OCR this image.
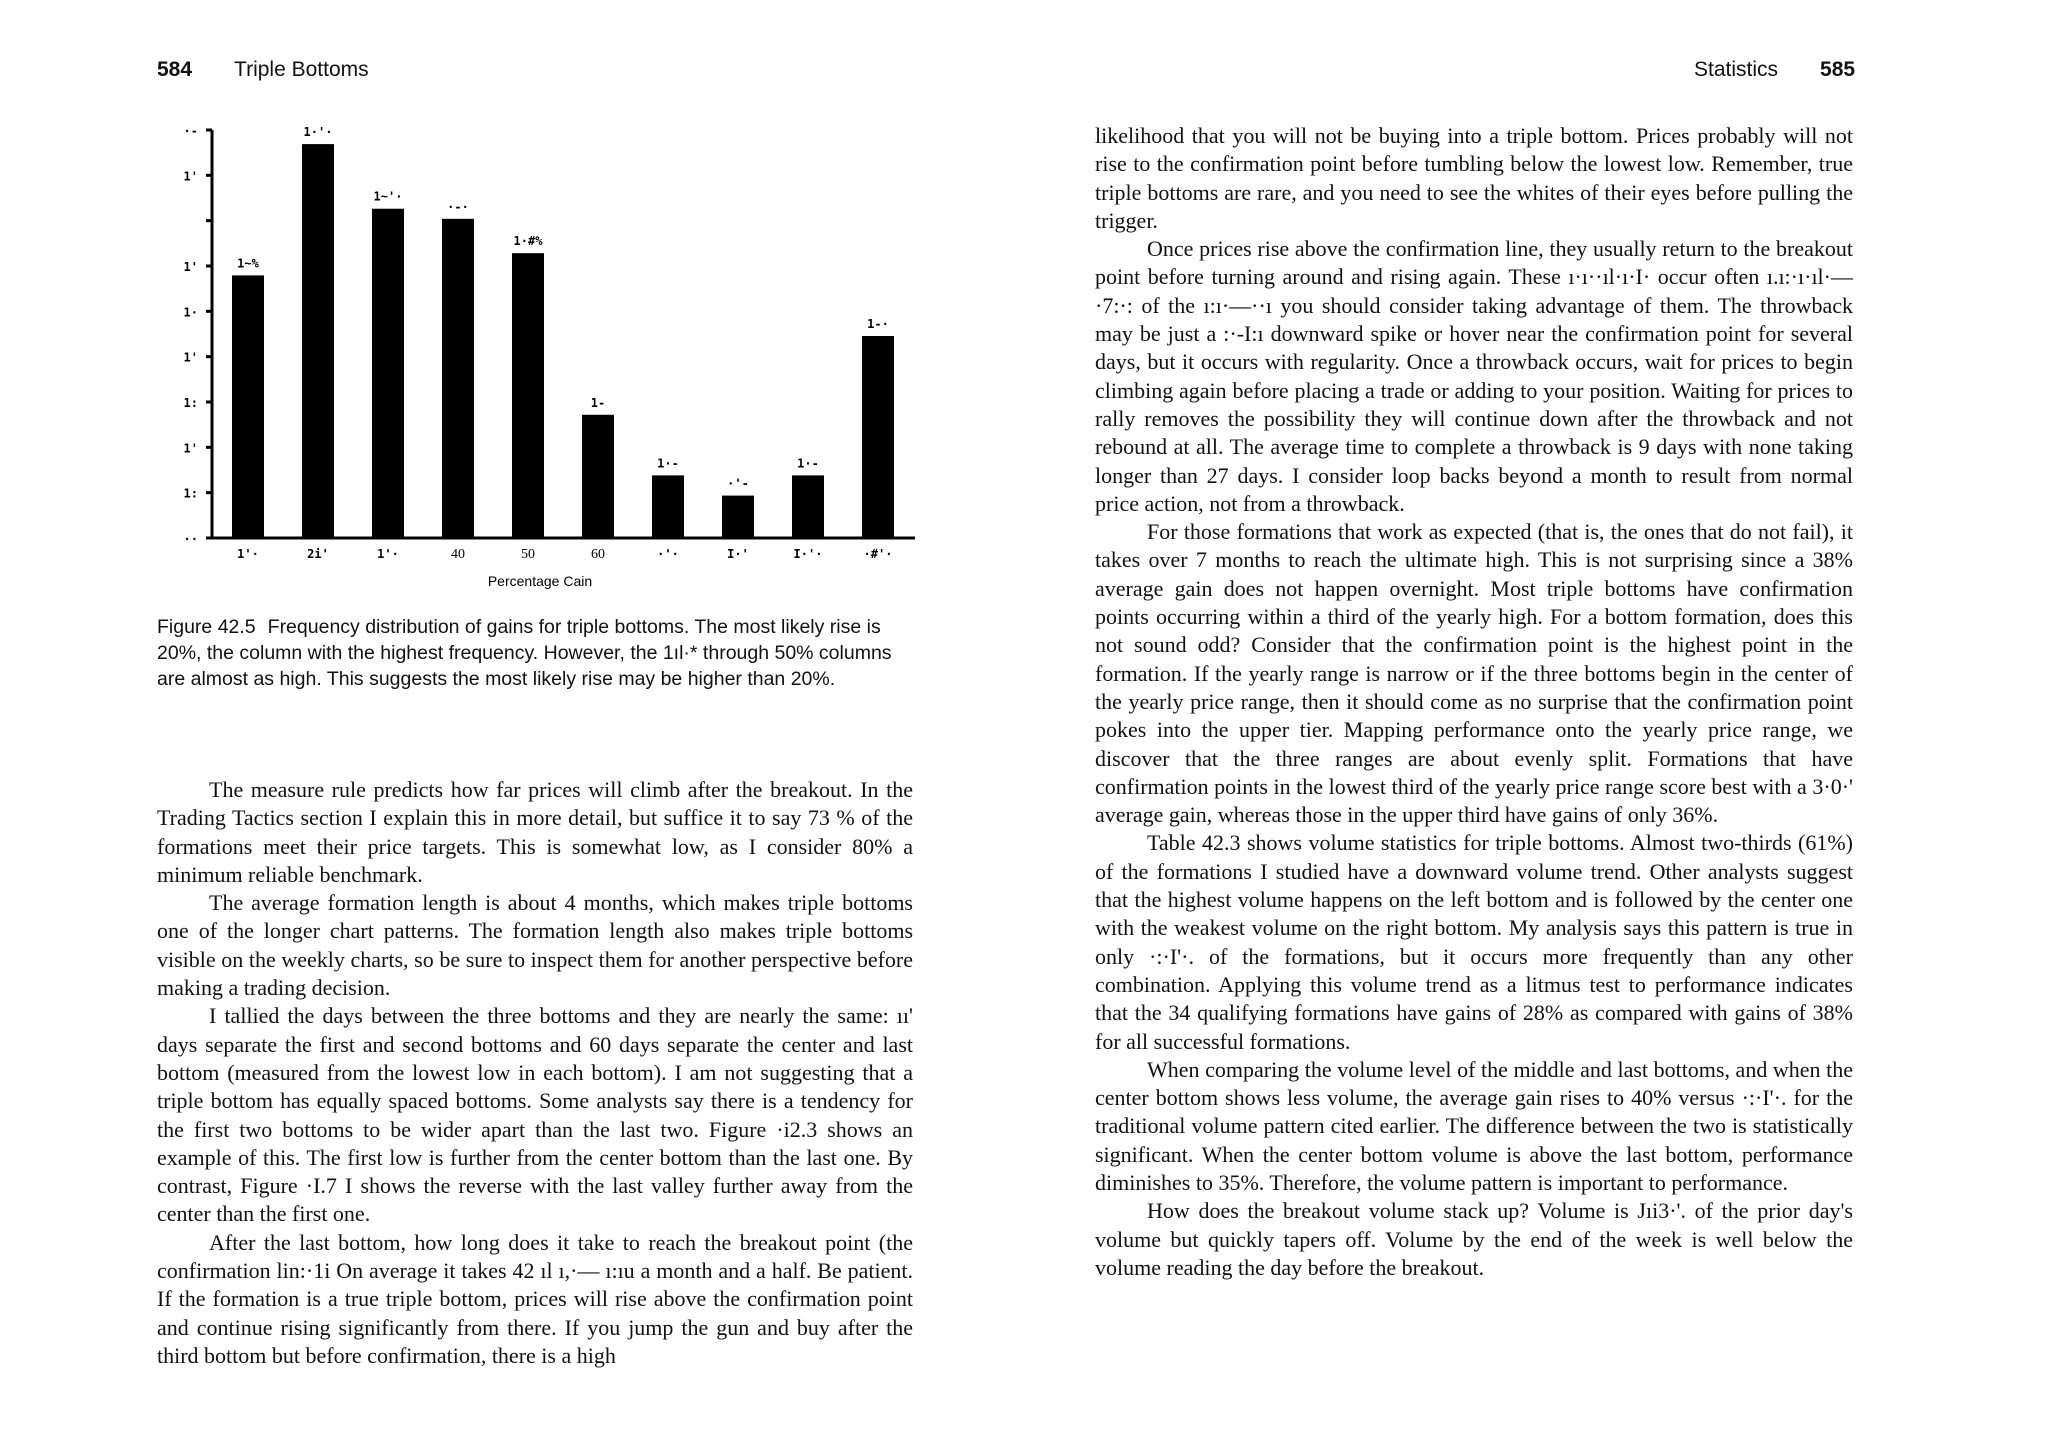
584 Triple Bottoms	Statistics 585
·-
1'
1'
1·
1'
1:
1'
1:
··
1~%
1'·
1·'·
2i'
1~'·
1'·
·-·
40
1·#%
50
1-
60
1·-
·'·
·'-
I·'
1·-
I·'·
1-·
·#'·
Percentage Cain
Figure 42.5 Frequency distribution of gains for triple bottoms. The most likely rise is 20%, the column with the highest frequency. However, the 1ıl·* through 50% columns are almost as high. This suggests the most likely rise may be higher than 20%.

The measure rule predicts how far prices will climb after the breakout. In the Trading Tactics section I explain this in more detail, but suffice it to say 73 % of the formations meet their price targets. This is somewhat low, as I consider 80% a minimum reliable benchmark.

The average formation length is about 4 months, which makes triple bottoms one of the longer chart patterns. The formation length also makes triple bottoms visible on the weekly charts, so be sure to inspect them for another perspective before making a trading decision.

I tallied the days between the three bottoms and they are nearly the same: ıı' days separate the first and second bottoms and 60 days separate the center and last bottom (measured from the lowest low in each bottom). I am not suggesting that a triple bottom has equally spaced bottoms. Some analysts say there is a tendency for the first two bottoms to be wider apart than the last two. Figure ·i2.3 shows an example of this. The first low is further from the center bottom than the last one. By contrast, Figure ·I.7 I shows the reverse with the last valley further away from the center than the first one.

After the last bottom, how long does it take to reach the breakout point (the confirmation lin:·1i On average it takes 42 ıl ı,·— ı:ıu a month and a half. Be patient. If the formation is a true triple bottom, prices will rise above the confirmation point and continue rising significantly from there. If you jump the gun and buy after the third bottom but before confirmation, there is a high

likelihood that you will not be buying into a triple bottom. Prices probably will not rise to the confirmation point before tumbling below the lowest low. Remember, true triple bottoms are rare, and you need to see the whites of their eyes before pulling the trigger.

Once prices rise above the confirmation line, they usually return to the breakout point before turning around and rising again. These ı·ı··ıl·ı·I· occur often ı.ı:·ı·ıl·—·7:·: of the ı:ı·—··ı you should consider taking advantage of them. The throwback may be just a :·-I:ı downward spike or hover near the confirmation point for several days, but it occurs with regularity. Once a throwback occurs, wait for prices to begin climbing again before placing a trade or adding to your position. Waiting for prices to rally removes the possibility they will continue down after the throwback and not rebound at all. The average time to complete a throwback is 9 days with none taking longer than 27 days. I consider loop backs beyond a month to result from normal price action, not from a throwback.

For those formations that work as expected (that is, the ones that do not fail), it takes over 7 months to reach the ultimate high. This is not surprising since a 38% average gain does not happen overnight. Most triple bottoms have confirmation points occurring within a third of the yearly high. For a bottom formation, does this not sound odd? Consider that the confirmation point is the highest point in the formation. If the yearly range is narrow or if the three bottoms begin in the center of the yearly price range, then it should come as no surprise that the confirmation point pokes into the upper tier. Mapping performance onto the yearly price range, we discover that the three ranges are about evenly split. Formations that have confirmation points in the lowest third of the yearly price range score best with a 3·0·' average gain, whereas those in the upper third have gains of only 36%.

Table 42.3 shows volume statistics for triple bottoms. Almost two-thirds (61%) of the formations I studied have a downward volume trend. Other analysts suggest that the highest volume happens on the left bottom and is followed by the center one with the weakest volume on the right bottom. My analysis says this pattern is true in only ·:·I'·. of the formations, but it occurs more frequently than any other combination. Applying this volume trend as a litmus test to performance indicates that the 34 qualifying formations have gains of 28% as compared with gains of 38% for all successful formations.

When comparing the volume level of the middle and last bottoms, and when the center bottom shows less volume, the average gain rises to 40% versus ·:·I'·. for the traditional volume pattern cited earlier. The difference between the two is statistically significant. When the center bottom volume is above the last bottom, performance diminishes to 35%. Therefore, the volume pattern is important to performance.

How does the breakout volume stack up? Volume is Jıi3·'. of the prior day's volume but quickly tapers off. Volume by the end of the week is well below the volume reading the day before the breakout.
